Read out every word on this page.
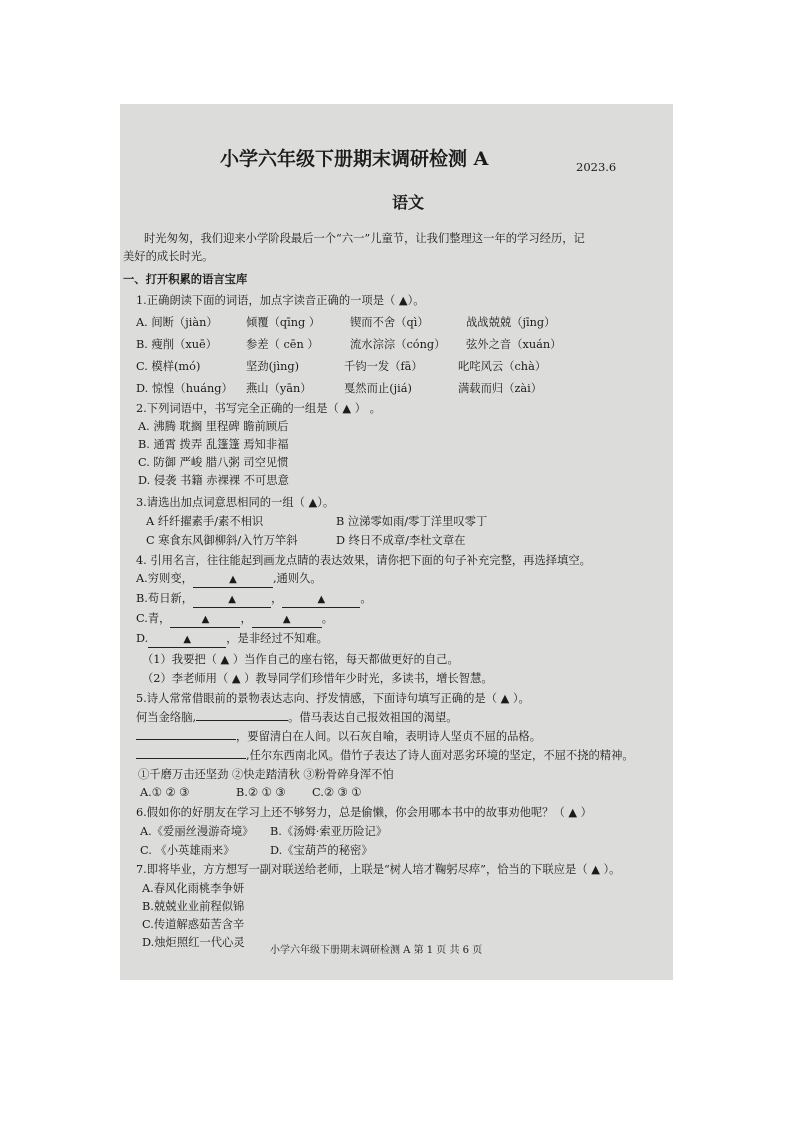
小学六年级下册期末调研检测 A	2023.6
语文
时光匆匆，我们迎来小学阶段最后一个“六一”儿童节，让我们整理这一年的学习经历，记
美好的成长时光。
一、打开积累的语言宝库
1.正确朗读下面的词语，加点字读音正确的一项是（ ▲）。
A. 间断（jiàn）	倾覆（qīng ）	锲而不舍（qì）	战战兢兢（jīng）
B. 瘦削（xuē）	参差（ cēn ）	流水淙淙（cóng） 弦外之音（xuán）
C. 模样(mó)	坚劲(jìng)	千钧一发（fā）	叱咤风云（chà）
D. 惊惶（huáng） 燕山（yān）	戛然而止(jiá)	满载而归（zài）
2.下列词语中，书写完全正确的一组是（ ▲ ） 。
A. 沸腾 耽搁 里程碑 瞻前顾后
B. 通霄 拨弄 乱篷篷 焉知非福
C. 防御 严峻 腊八粥 司空见惯
D. 侵袭 书籍 赤裸裸 不可思意
3.请选出加点词意思相同的一组（ ▲）。
A 纤纤擢素手/素不相识	B 泣涕零如雨/零丁洋里叹零丁
C 寒食东风御柳斜/入竹万竿斜	D 终日不成章/李杜文章在
4. 引用名言，往往能起到画龙点睛的表达效果，请你把下面的句子补充完整，再选择填空。
A.穷则变，	▲	,通则久。
B.苟日新，	▲	，	▲	。
C.青，	▲	，	▲	。
D.	▲	，是非经过不知难。
（1）我要把（ ▲ ）当作自己的座右铭，每天都做更好的自己。
（2）李老师用（ ▲ ）教导同学们珍惜年少时光，多读书，增长智慧。
5.诗人常常借眼前的景物表达志向、抒发情感，下面诗句填写正确的是（ ▲ ）。
何当金络脑,	。借马表达自己报效祖国的渴望。
，要留清白在人间。以石灰自喻，表明诗人坚贞不屈的品格。
,任尔东西南北风。借竹子表达了诗人面对恶劣环境的坚定，不屈不挠的精神。
①千磨万击还坚劲 ②快走踏清秋 ③粉骨碎身浑不怕
A.① ② ③	B.② ① ③ C.② ③ ①
6.假如你的好朋友在学习上还不够努力，总是偷懒，你会用哪本书中的故事劝他呢？（ ▲ ）
A.《爱丽丝漫游奇境》 B.《汤姆·索亚历险记》
C. 《小英雄雨来》	D.《宝葫芦的秘密》
7.即将毕业，方方想写一副对联送给老师，上联是“树人培才鞠躬尽瘁”，恰当的下联应是（ ▲ ）。
A.春风化雨桃李争妍
B.兢兢业业前程似锦
C.传道解惑茹苦含辛
D.烛炬照红一代心灵
小学六年级下册期末调研检测 A 第 1 页 共 6 页
